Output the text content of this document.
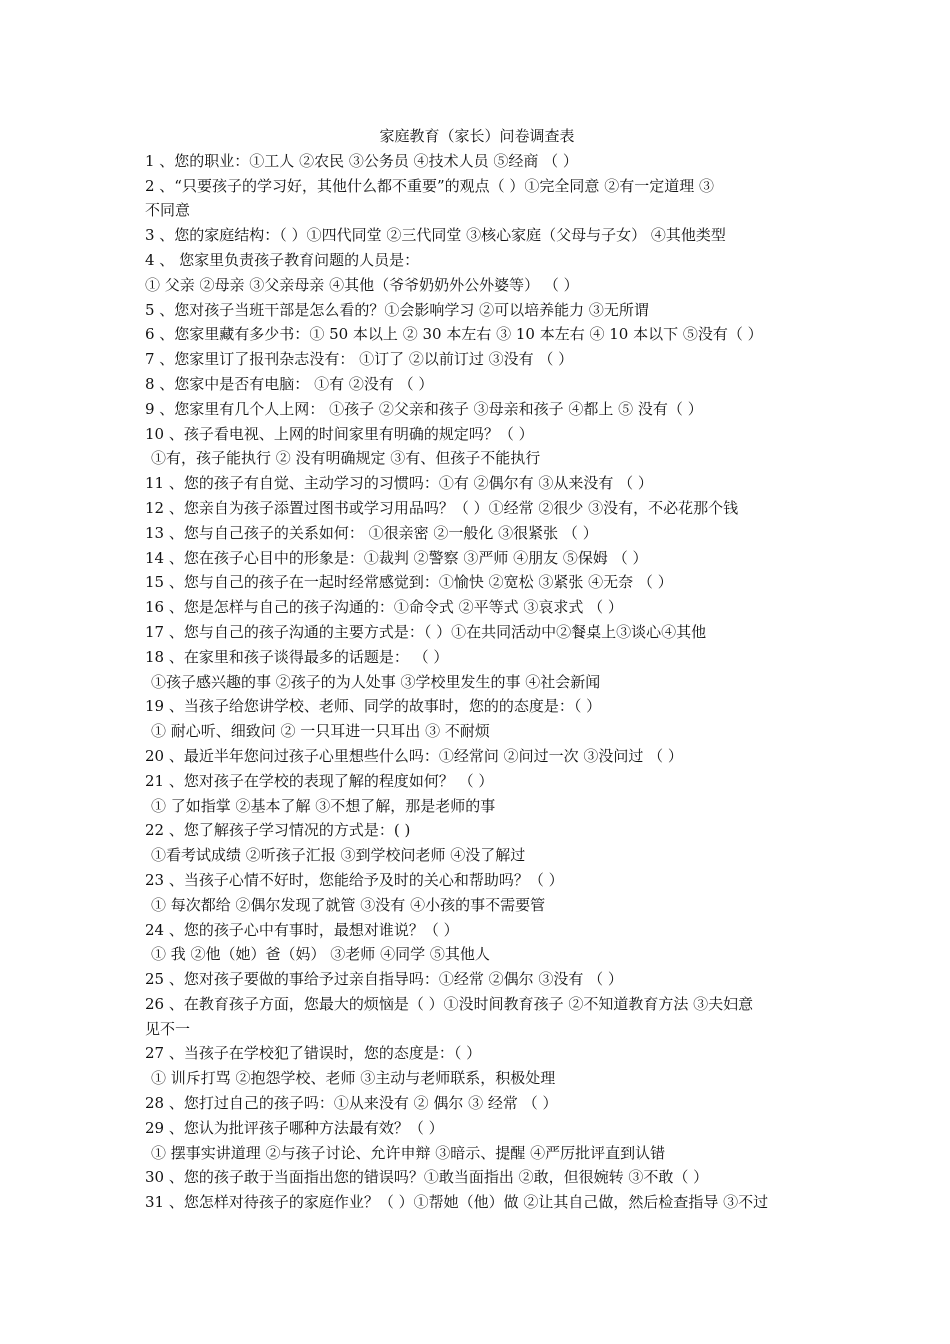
家庭教育（家长）问卷调查表
1 、您的职业：①工人 ②农民 ③公务员 ④技术人员 ⑤经商 （ ）
2 、“只要孩子的学习好，其他什么都不重要”的观点（ ）①完全同意 ②有一定道理 ③
不同意
3 、您的家庭结构：（ ）①四代同堂 ②三代同堂 ③核心家庭（父母与子女） ④其他类型
4 、 您家里负责孩子教育问题的人员是：
① 父亲 ②母亲 ③父亲母亲 ④其他（爷爷奶奶外公外婆等） （ ）
5 、您对孩子当班干部是怎么看的？①会影响学习 ②可以培养能力 ③无所谓
6 、您家里藏有多少书：① 50 本以上 ② 30 本左右 ③ 10 本左右 ④ 10 本以下 ⑤没有（ ）
7 、您家里订了报刊杂志没有： ①订了 ②以前订过 ③没有 （ ）
8 、您家中是否有电脑： ①有 ②没有 （ ）
9 、您家里有几个人上网： ①孩子 ②父亲和孩子 ③母亲和孩子 ④都上 ⑤ 没有（ ）
10 、孩子看电视、上网的时间家里有明确的规定吗？（ ）
①有，孩子能执行 ② 没有明确规定 ③有、但孩子不能执行
11 、您的孩子有自觉、主动学习的习惯吗：①有 ②偶尔有 ③从来没有 （ ）
12 、您亲自为孩子添置过图书或学习用品吗？（ ）①经常 ②很少 ③没有，不必花那个钱
13 、您与自己孩子的关系如何： ①很亲密 ②一般化 ③很紧张 （ ）
14 、您在孩子心目中的形象是：①裁判 ②警察 ③严师 ④朋友 ⑤保姆 （ ）
15 、您与自己的孩子在一起时经常感觉到：①愉快 ②宽松 ③紧张 ④无奈 （ ）
16 、您是怎样与自己的孩子沟通的：①命令式 ②平等式 ③哀求式 （ ）
17 、您与自己的孩子沟通的主要方式是：（ ）①在共同活动中②餐桌上③谈心④其他
18 、在家里和孩子谈得最多的话题是： （ ）
①孩子感兴趣的事 ②孩子的为人处事 ③学校里发生的事 ④社会新闻
19 、当孩子给您讲学校、老师、同学的故事时，您的的态度是：（ ）
① 耐心听、细致问 ② 一只耳进一只耳出 ③ 不耐烦
20 、最近半年您问过孩子心里想些什么吗：①经常问 ②问过一次 ③没问过 （ ）
21 、您对孩子在学校的表现了解的程度如何？ （ ）
① 了如指掌 ②基本了解 ③不想了解，那是老师的事
22 、您了解孩子学习情况的方式是：( )
①看考试成绩 ②听孩子汇报 ③到学校问老师 ④没了解过
23 、当孩子心情不好时，您能给予及时的关心和帮助吗？（ ）
① 每次都给 ②偶尔发现了就管 ③没有 ④小孩的事不需要管
24 、您的孩子心中有事时，最想对谁说？（ ）
① 我 ②他（她）爸（妈） ③老师 ④同学 ⑤其他人
25 、您对孩子要做的事给予过亲自指导吗：①经常 ②偶尔 ③没有 （ ）
26 、在教育孩子方面，您最大的烦恼是（ ）①没时间教育孩子 ②不知道教育方法 ③夫妇意
见不一
27 、当孩子在学校犯了错误时，您的态度是：（ ）
① 训斥打骂 ②抱怨学校、老师 ③主动与老师联系，积极处理
28 、您打过自己的孩子吗：①从来没有 ② 偶尔 ③ 经常 （ ）
29 、您认为批评孩子哪种方法最有效？（ ）
① 摆事实讲道理 ②与孩子讨论、允许申辩 ③暗示、提醒 ④严厉批评直到认错
30 、您的孩子敢于当面指出您的错误吗？①敢当面指出 ②敢，但很婉转 ③不敢（ ）
31 、您怎样对待孩子的家庭作业？（ ）①帮她（他）做 ②让其自己做，然后检查指导 ③不过
